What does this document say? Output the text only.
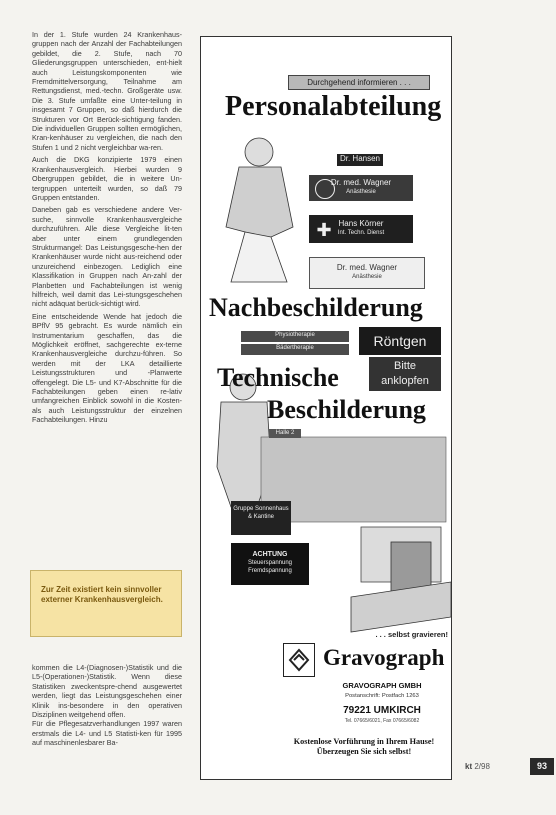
In der 1. Stufe wurden 24 Krankenhaus-gruppen nach der Anzahl der Fachabteilungen gebildet, die 2. Stufe, nach 70 Gliederungsgruppen unterschieden, ent-hielt auch Leistungskomponenten wie Fremdmittelversorgung, Teilnahme am Rettungsdienst, med.-techn. Großgeräte usw. Die 3. Stufe umfaßte eine Unter-teilung in insgesamt 7 Gruppen, so daß hierdurch die Strukturen vor Ort Berück-sichtigung fanden. Die individuellen Gruppen sollten ermöglichen, Kran-kenhäuser zu vergleichen, die nach den Stufen 1 und 2 nicht vergleichbar wa-ren.

Auch die DKG konzipierte 1979 einen Krankenhausvergleich. Hierbei wurden 9 Obergruppen gebildet, die in weitere Un-tergruppen unterteilt wurden, so daß 79 Gruppen entstanden.

Daneben gab es verschiedene andere Ver-suche, sinnvolle Krankenhausvergleiche durchzuführen. Alle diese Vergleiche lit-ten aber unter einem grundlegenden Strukturmangel: Das Leistungsgesche-hen der Krankenhäuser wurde nicht aus-reichend oder unzureichend einbezogen. Lediglich eine Klassifikation in Gruppen nach An-zahl der Planbetten und Fachabteilungen ist wenig hilfreich, weil damit das Lei-stungsgeschehen nicht adäquat berück-sichtigt wird.

Eine entscheidende Wende hat jedoch die BPflV 95 gebracht. Es wurde nämlich ein Instrumentarium geschaffen, das die Möglichkeit eröffnet, sachgerechte ex-terne Krankenhausvergleiche durchzu-führen. So werden mit der LKA detaillierte Leistungsstrukturen und -Planwerte offengelegt. Die L5- und K7-Abschnitte für die Fachabteilungen geben einen re-lativ umfangreichen Einblick sowohl in die Kosten- als auch Leistungsstruktur der einzelnen Fachabteilungen. Hinzu

Zur Zeit existiert kein sinnvoller externer Krankenhausvergleich.

kommen die L4-(Diagnosen-)Statistik und die L5-(Operationen-)Statistik. Wenn diese Statistiken zweckentspre-chend ausgewertet werden, liegt das Leistungsgeschehen einer Klinik ins-besondere in den operativen Disziplinen weitgehend offen.

Für die Pflegesatzverhandlungen 1997 waren erstmals die L4- und L5 Statisti-ken für 1995 auf maschinenlesbarer Ba-

Durchgehend informieren . . .
Personalabteilung
Dr. Hansen
Dr. med. Wagner
Anästhesie
Hans Körner
Int. Techn. Dienst
✚
Dr. med. Wagner
Anästhesie
Nachbeschilderung
Physiotherapie
Bädertherapie	Röntgen
Bitte anklopfen
Technische
Beschilderung
Halle 2
Gruppe Sonnenhaus & Kantine
ACHTUNG
Steuerspannung Fremdspannung
. . . selbst gravieren!
Gravograph
GRAVOGRAPH GMBH
Postanschrift: Postfach 1263
79221 UMKIRCH
Tel. 07665/6021, Fax 07665/6082
Kostenlose Vorführung in Ihrem Hause! Überzeugen Sie sich selbst!
kt 2/98	93
